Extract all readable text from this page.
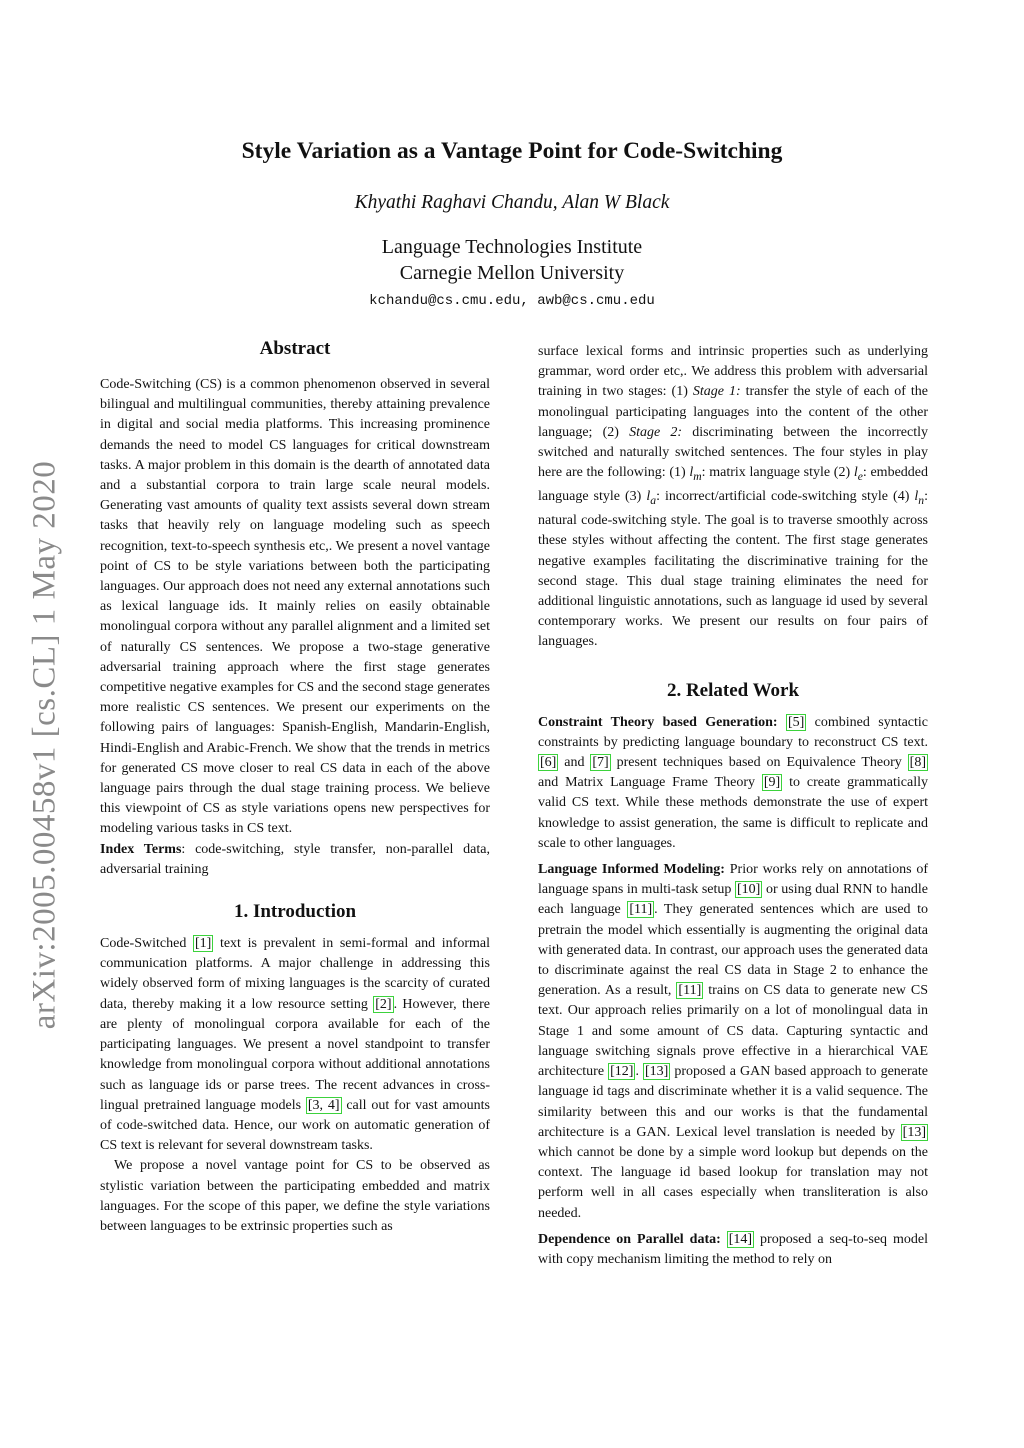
arXiv:2005.00458v1 [cs.CL] 1 May 2020
Style Variation as a Vantage Point for Code-Switching
Khyathi Raghavi Chandu, Alan W Black
Language Technologies Institute
Carnegie Mellon University
kchandu@cs.cmu.edu, awb@cs.cmu.edu
Abstract

Code-Switching (CS) is a common phenomenon observed in several bilingual and multilingual communities, thereby attaining prevalence in digital and social media platforms. This increasing prominence demands the need to model CS languages for critical downstream tasks. A major problem in this domain is the dearth of annotated data and a substantial corpora to train large scale neural models. Generating vast amounts of quality text assists several down stream tasks that heavily rely on language modeling such as speech recognition, text-to-speech synthesis etc,. We present a novel vantage point of CS to be style variations between both the participating languages. Our approach does not need any external annotations such as lexical language ids. It mainly relies on easily obtainable monolingual corpora without any parallel alignment and a limited set of naturally CS sentences. We propose a two-stage generative adversarial training approach where the first stage generates competitive negative examples for CS and the second stage generates more realistic CS sentences. We present our experiments on the following pairs of languages: Spanish-English, Mandarin-English, Hindi-English and Arabic-French. We show that the trends in metrics for generated CS move closer to real CS data in each of the above language pairs through the dual stage training process. We believe this viewpoint of CS as style variations opens new perspectives for modeling various tasks in CS text.

Index Terms: code-switching, style transfer, non-parallel data, adversarial training

1. Introduction

Code-Switched [1] text is prevalent in semi-formal and informal communication platforms. A major challenge in addressing this widely observed form of mixing languages is the scarcity of curated data, thereby making it a low resource setting [2] . However, there are plenty of monolingual corpora available for each of the participating languages. We present a novel standpoint to transfer knowledge from monolingual corpora without additional annotations such as language ids or parse trees. The recent advances in cross-lingual pretrained language models [3, 4] call out for vast amounts of code-switched data. Hence, our work on automatic generation of CS text is relevant for several downstream tasks.

We propose a novel vantage point for CS to be observed as stylistic variation between the participating embedded and matrix languages. For the scope of this paper, we define the style variations between languages to be extrinsic properties such as

surface lexical forms and intrinsic properties such as underlying grammar, word order etc,. We address this problem with adversarial training in two stages: (1) Stage 1: transfer the style of each of the monolingual participating languages into the content of the other language; (2) Stage 2: discriminating between the incorrectly switched and naturally switched sentences. The four styles in play here are the following: (1) $l_m$: matrix language style (2) $l_e$: embedded language style (3) $l_a$: incorrect/artificial code-switching style (4) $l_n$: natural code-switching style. The goal is to traverse smoothly across these styles without affecting the content. The first stage generates negative examples facilitating the discriminative training for the second stage. This dual stage training eliminates the need for additional linguistic annotations, such as language id used by several contemporary works. We present our results on four pairs of languages.

2. Related Work

Constraint Theory based Generation: [5] combined syntactic constraints by predicting language boundary to reconstruct CS text. [6] and [7] present techniques based on Equivalence Theory [8] and Matrix Language Frame Theory [9] to create grammatically valid CS text. While these methods demonstrate the use of expert knowledge to assist generation, the same is difficult to replicate and scale to other languages.

Language Informed Modeling: Prior works rely on annotations of language spans in multi-task setup [10] or using dual RNN to handle each language [11] . They generated sentences which are used to pretrain the model which essentially is augmenting the original data with generated data. In contrast, our approach uses the generated data to discriminate against the real CS data in Stage 2 to enhance the generation. As a result, [11] trains on CS data to generate new CS text. Our approach relies primarily on a lot of monolingual data in Stage 1 and some amount of CS data. Capturing syntactic and language switching signals prove effective in a hierarchical VAE architecture [12] . [13] proposed a GAN based approach to generate language id tags and discriminate whether it is a valid sequence. The similarity between this and our works is that the fundamental architecture is a GAN. Lexical level translation is needed by [13] which cannot be done by a simple word lookup but depends on the context. The language id based lookup for translation may not perform well in all cases especially when transliteration is also needed.

Dependence on Parallel data: [14] proposed a seq-to-seq model with copy mechanism limiting the method to rely on
